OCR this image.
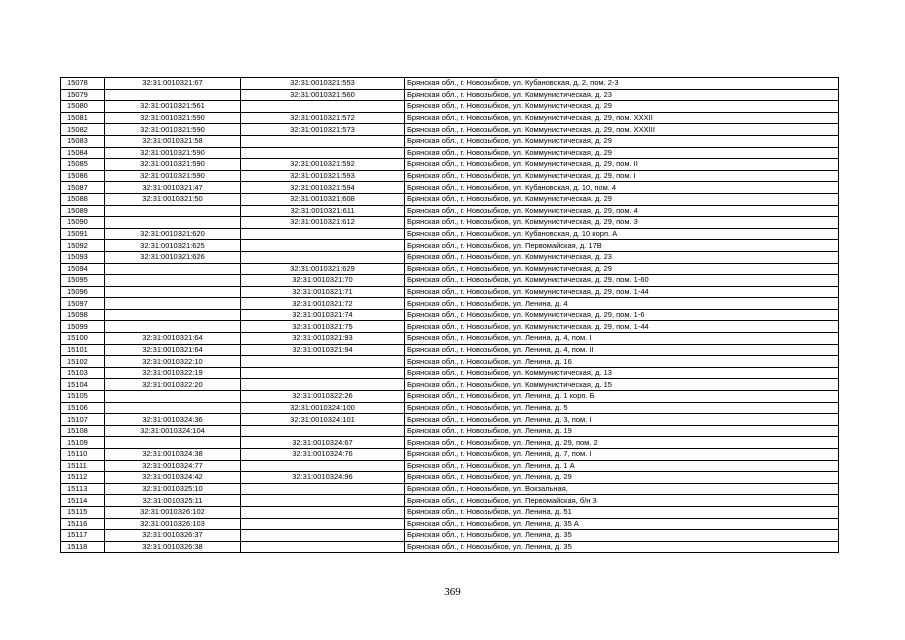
15078	32:31:0010321:67	32:31:0010321:553	Брянская обл., г. Новозыбков, ул. Кубановская, д. 2, пом. 2-3
15079		32:31:0010321:560	Брянская обл., г. Новозыбков, ул. Коммунистическая, д. 23
15080	32:31:0010321:561		Брянская обл., г. Новозыбков, ул. Коммунистическая, д. 29
15081	32:31:0010321:590	32:31:0010321:572	Брянская обл., г. Новозыбков, ул. Коммунистическая, д. 29, пом. XXXII
15082	32:31:0010321:590	32:31:0010321:573	Брянская обл., г. Новозыбков, ул. Коммунистическая, д. 29, пом. XXXIII
15083	32:31:0010321:58		Брянская обл., г. Новозыбков, ул. Коммунистическая, д. 29
15084	32:31:0010321:590		Брянская обл., г. Новозыбков, ул. Коммунистическая, д. 29
15085	32:31:0010321:590	32:31:0010321:592	Брянская обл., г. Новозыбков, ул. Коммунистическая, д. 29, пом. II
15086	32:31:0010321:590	32:31:0010321:593	Брянская обл., г. Новозыбков, ул. Коммунистическая, д. 29, пом. I
15087	32:31:0010321:47	32:31:0010321:594	Брянская обл., г. Новозыбков, ул. Кубановская, д. 10, пом. 4
15088	32:31:0010321:50	32:31:0010321:608	Брянская обл., г. Новозыбков, ул. Коммунистическая, д. 29
15089		32:31:0010321:611	Брянская обл., г. Новозыбков, ул. Коммунистическая, д. 29, пом. 4
15090		32:31:0010321:612	Брянская обл., г. Новозыбков, ул. Коммунистическая, д. 29, пом. 3
15091	32:31:0010321:620		Брянская обл., г. Новозыбков, ул. Кубановская, д. 10 корп. А
15092	32:31:0010321:625		Брянская обл., г. Новозыбков, ул. Первомайская, д. 17В
15093	32:31:0010321:626		Брянская обл., г. Новозыбков, ул. Коммунистическая, д. 23
15094		32:31:0010321:629	Брянская обл., г. Новозыбков, ул. Коммунистическая, д. 29
15095		32:31:0010321:70	Брянская обл., г. Новозыбков, ул. Коммунистическая, д. 29, пом. 1-60
15096		32:31:0010321:71	Брянская обл., г. Новозыбков, ул. Коммунистическая, д. 29, пом. 1-44
15097		32:31:0010321:72	Брянская обл., г. Новозыбков, ул. Ленина, д. 4
15098		32:31:0010321:74	Брянская обл., г. Новозыбков, ул. Коммунистическая, д. 29, пом. 1-6
15099		32:31:0010321:75	Брянская обл., г. Новозыбков, ул. Коммунистическая, д. 29, пом. 1-44
15100	32:31:0010321:64	32:31:0010321:93	Брянская обл., г. Новозыбков, ул. Ленина, д. 4, пом. I
15101	32:31:0010321:64	32:31:0010321:94	Брянская обл., г. Новозыбков, ул. Ленина, д. 4, пом. II
15102	32:31:0010322:10		Брянская обл., г. Новозыбков, ул. Ленина, д. 16
15103	32:31:0010322:19		Брянская обл., г. Новозыбков, ул. Коммунистическая, д. 13
15104	32:31:0010322:20		Брянская обл., г. Новозыбков, ул. Коммунистическая, д. 15
15105		32:31:0010322:26	Брянская обл., г. Новозыбков, ул. Ленина, д. 1 корп. Б
15106		32:31:0010324:100	Брянская обл., г. Новозыбков, ул. Ленина, д. 5
15107	32:31:0010324:36	32:31:0010324:101	Брянская обл., г. Новозыбков, ул. Ленина, д. 3, пом. I
15108	32:31:0010324:104		Брянская обл., г. Новозыбков, ул. Ленина, д. 19
15109		32:31:0010324:67	Брянская обл., г. Новозыбков, ул. Ленина, д. 29, пом. 2
15110	32:31:0010324:38	32:31:0010324:76	Брянская обл., г. Новозыбков, ул. Ленина, д. 7, пом. I
15111	32:31:0010324:77		Брянская обл., г. Новозыбков, ул. Ленина, д. 1 А
15112	32:31:0010324:42	32:31:0010324:96	Брянская обл., г. Новозыбков, ул. Ленина, д. 29
15113	32:31:0010325:10		Брянская обл., г. Новозыбков, ул. Вокзальная,
15114	32:31:0010325:11		Брянская обл., г. Новозыбков, ул. Первомайская, б/н 3
15115	32:31:0010326:102		Брянская обл., г. Новозыбков, ул. Ленина, д. 51
15116	32:31:0010326:103		Брянская обл., г. Новозыбков, ул. Ленина, д. 35 А
15117	32:31:0010326:37		Брянская обл., г. Новозыбков, ул. Ленина, д. 35
15118	32:31:0010326:38		Брянская обл., г. Новозыбков, ул. Ленина, д. 35
369
